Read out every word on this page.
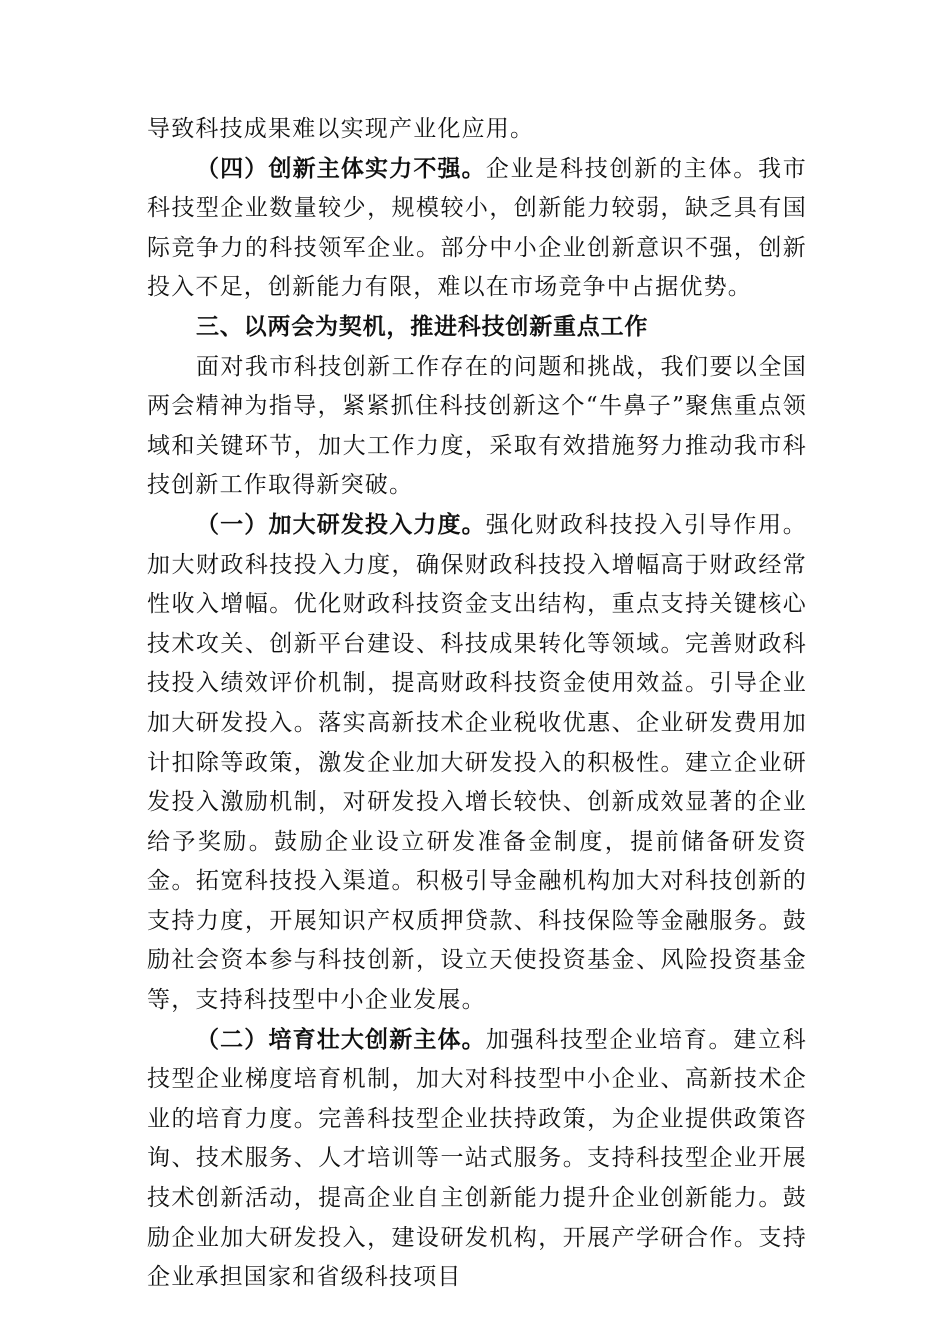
导致科技成果难以实现产业化应用。

（四）创新主体实力不强。企业是科技创新的主体。我市科技型企业数量较少，规模较小，创新能力较弱，缺乏具有国际竞争力的科技领军企业。部分中小企业创新意识不强，创新投入不足，创新能力有限，难以在市场竞争中占据优势。

三、以两会为契机，推进科技创新重点工作

面对我市科技创新工作存在的问题和挑战，我们要以全国两会精神为指导，紧紧抓住科技创新这个“牛鼻子”聚焦重点领域和关键环节，加大工作力度，采取有效措施努力推动我市科技创新工作取得新突破。

（一）加大研发投入力度。强化财政科技投入引导作用。加大财政科技投入力度，确保财政科技投入增幅高于财政经常性收入增幅。优化财政科技资金支出结构，重点支持关键核心技术攻关、创新平台建设、科技成果转化等领域。完善财政科技投入绩效评价机制，提高财政科技资金使用效益。引导企业加大研发投入。落实高新技术企业税收优惠、企业研发费用加计扣除等政策，激发企业加大研发投入的积极性。建立企业研发投入激励机制，对研发投入增长较快、创新成效显著的企业给予奖励。鼓励企业设立研发准备金制度，提前储备研发资金。拓宽科技投入渠道。积极引导金融机构加大对科技创新的支持力度，开展知识产权质押贷款、科技保险等金融服务。鼓励社会资本参与科技创新，设立天使投资基金、风险投资基金等，支持科技型中小企业发展。

（二）培育壮大创新主体。加强科技型企业培育。建立科技型企业梯度培育机制，加大对科技型中小企业、高新技术企业的培育力度。完善科技型企业扶持政策，为企业提供政策咨询、技术服务、人才培训等一站式服务。支持科技型企业开展技术创新活动，提高企业自主创新能力提升企业创新能力。鼓励企业加大研发投入，建设研发机构，开展产学研合作。支持企业承担国家和省级科技项目
